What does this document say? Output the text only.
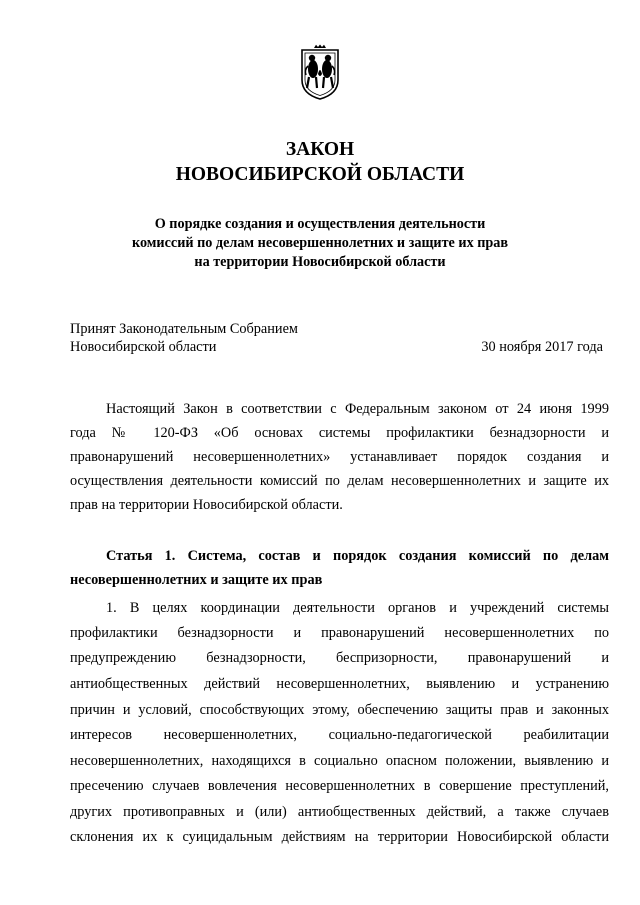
ЗАКОН
НОВОСИБИРСКОЙ ОБЛАСТИ
О порядке создания и осуществления деятельности
комиссий по делам несовершеннолетних и защите их прав
на территории Новосибирской области
Принят Законодательным Собранием
Новосибирской области	30 ноября 2017 года
Настоящий Закон в соответствии с Федеральным законом от 24 июня 1999
года № 120-ФЗ «Об основах системы профилактики безнадзорности и
правонарушений несовершеннолетних» устанавливает порядок создания и
осуществления деятельности комиссий по делам несовершеннолетних и защите их
прав на территории Новосибирской области.
Статья 1. Система, состав и порядок создания комиссий по делам
несовершеннолетних и защите их прав
1. В целях координации деятельности органов и учреждений системы
профилактики безнадзорности и правонарушений несовершеннолетних по
предупреждению безнадзорности, беспризорности, правонарушений и
антиобщественных действий несовершеннолетних, выявлению и устранению
причин и условий, способствующих этому, обеспечению защиты прав и законных
интересов несовершеннолетних, социально-педагогической реабилитации
несовершеннолетних, находящихся в социально опасном положении, выявлению и
пресечению случаев вовлечения несовершеннолетних в совершение преступлений,
других противоправных и (или) антиобщественных действий, а также случаев
склонения их к суицидальным действиям на территории Новосибирской области
